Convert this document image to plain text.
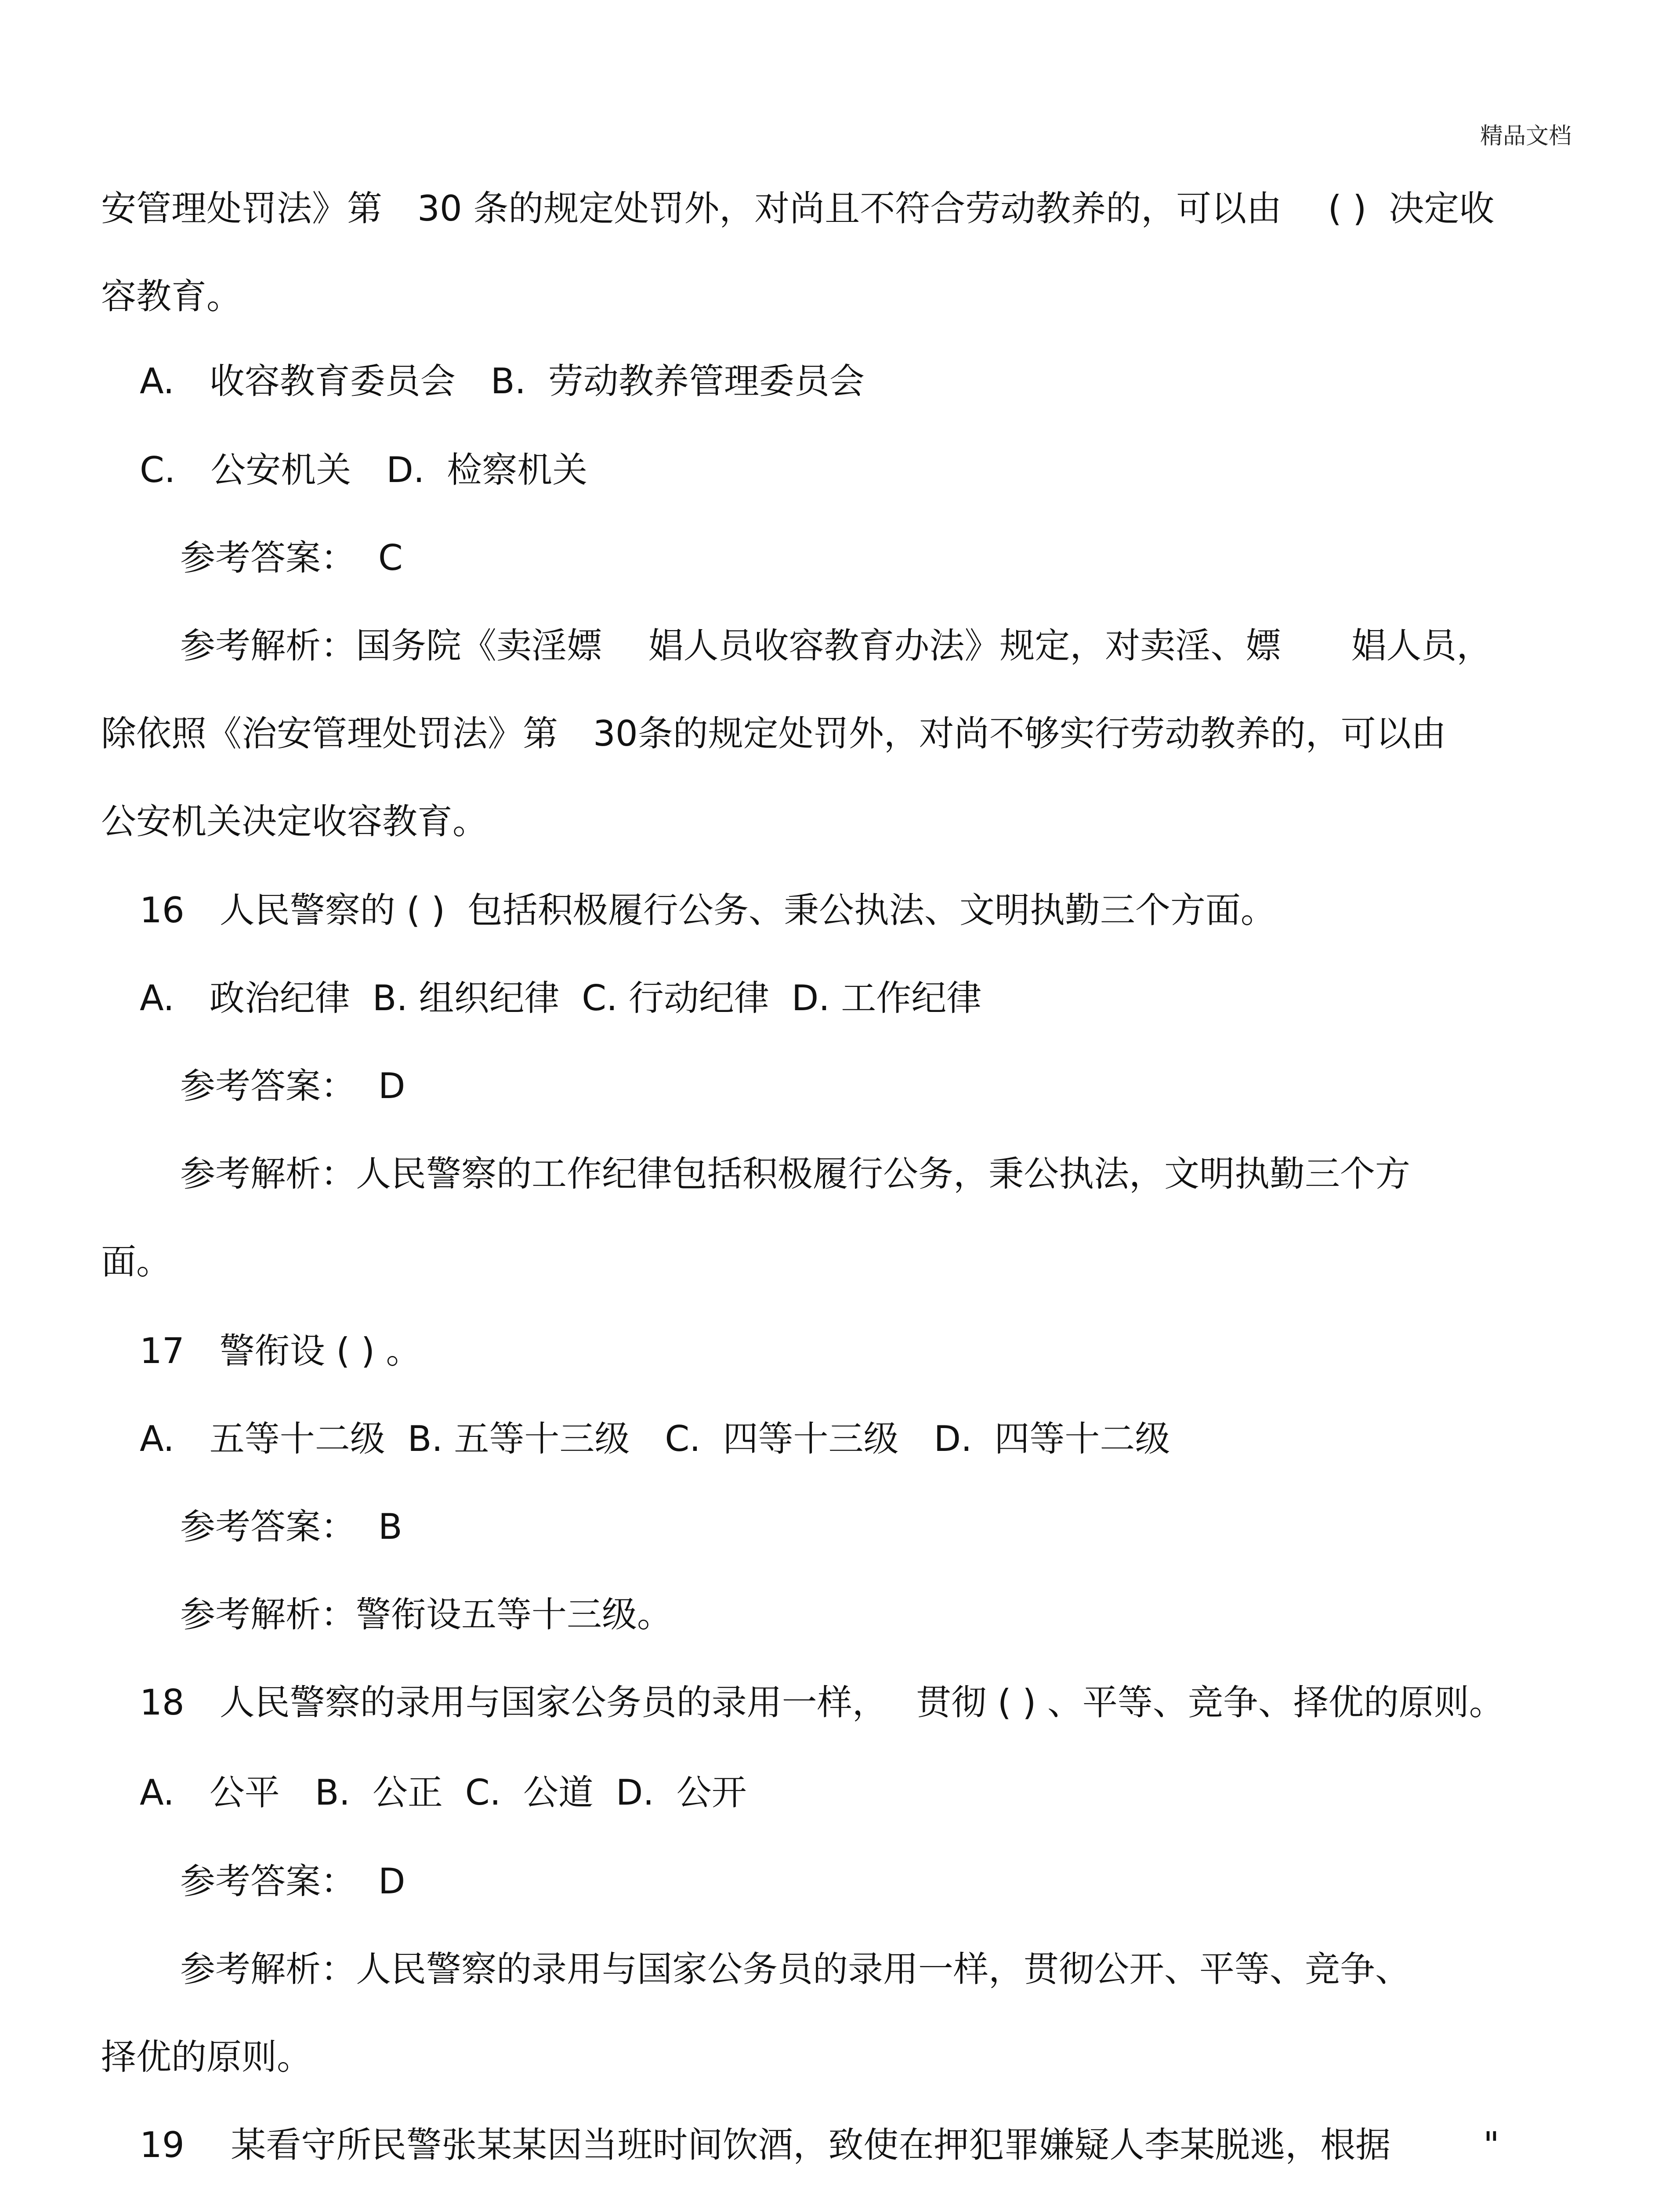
精品文档
安管理处罚法》第　30 条的规定处罚外，对尚且不符合劳动教养的，可以由　 ( )  决定收
容教育。
A.　收容教育委员会　B.  劳动教养管理委员会
C.　公安机关　D.  检察机关
参考答案：  C
参考解析：国务院《卖淫嫖　 娼人员收容教育办法》规定，对卖淫、嫖　　娼人员，
除依照《治安管理处罚法》第　30条的规定处罚外，对尚不够实行劳动教养的，可以由
公安机关决定收容教育。
16　人民警察的 ( )  包括积极履行公务、秉公执法、文明执勤三个方面。
A.　政治纪律  B. 组织纪律  C. 行动纪律  D. 工作纪律
参考答案：  D
参考解析：人民警察的工作纪律包括积极履行公务，秉公执法，文明执勤三个方
面。
17　警衔设 ( ) 。
A.　五等十二级  B. 五等十三级　C.  四等十三级　D.  四等十二级
参考答案：  B
参考解析：警衔设五等十三级。
18　人民警察的录用与国家公务员的录用一样，　 贯彻 ( ) 、平等、竞争、择优的原则。
A.　公平　B.  公正  C.  公道  D.  公开
参考答案：  D
参考解析：人民警察的录用与国家公务员的录用一样，贯彻公开、平等、竞争、
择优的原则。
19　 某看守所民警张某某因当班时间饮酒，致使在押犯罪嫌疑人李某脱逃，根据　　  "
